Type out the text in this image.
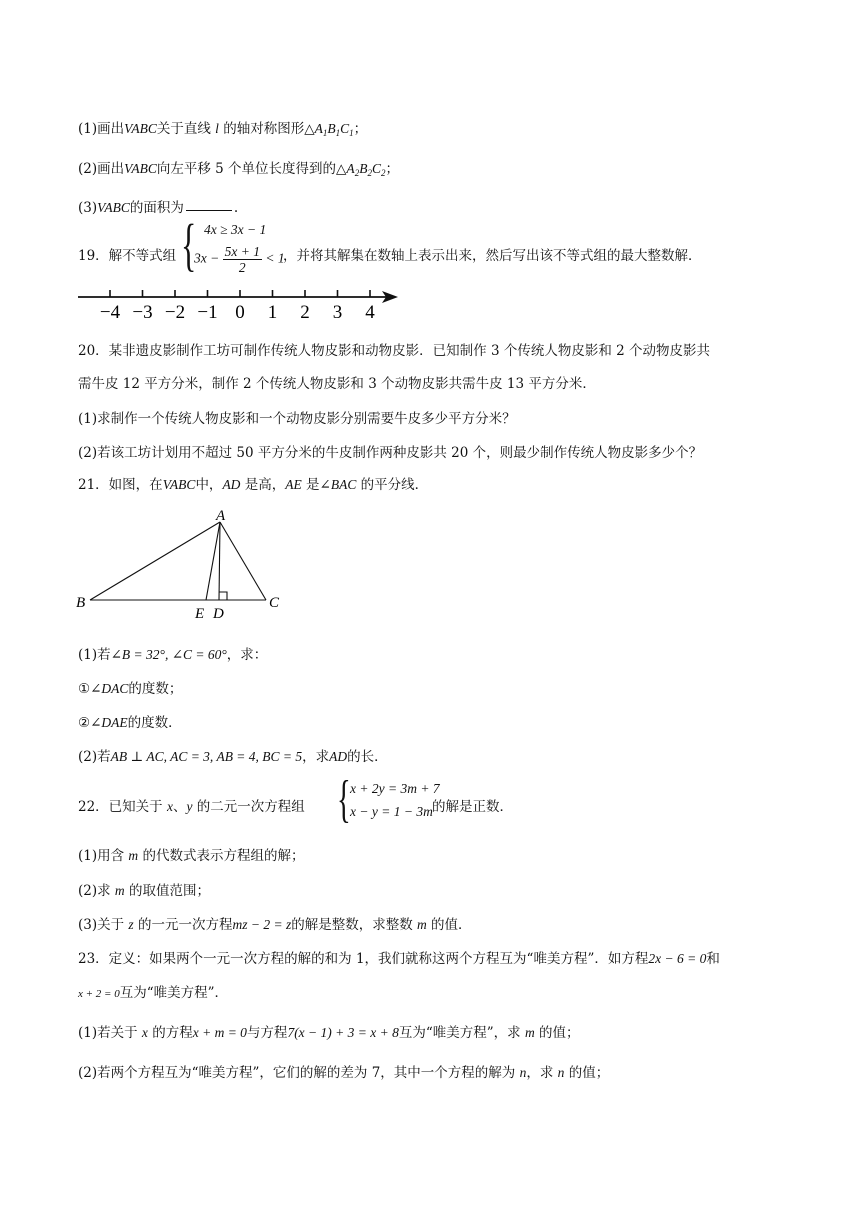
(1)画出VABC关于直线 l 的轴对称图形$\triangle A_1B_1C_1$；
(2)画出VABC向左平移 5 个单位长度得到的$\triangle A_2B_2C_2$；
(3)VABC的面积为	.
19．解不等式组 { 4x ≥ 3x − 1
$3x - \frac{5x + 1}{2} < 1$
，并将其解集在数轴上表示出来，然后写出该不等式组的最大整数解．
−4 −3 −2 −1 0 1 2 3 4
20．某非遗皮影制作工坊可制作传统人物皮影和动物皮影．已知制作 3 个传统人物皮影和 2 个动物皮影共
需牛皮 12 平方分米，制作 2 个传统人物皮影和 3 个动物皮影共需牛皮 13 平方分米．
(1)求制作一个传统人物皮影和一个动物皮影分别需要牛皮多少平方分米？
(2)若该工坊计划用不超过 50 平方分米的牛皮制作两种皮影共 20 个，则最少制作传统人物皮影多少个？
21．如图，在VABC中，AD 是高，AE 是∠BAC 的平分线．
A
B	C
E D
(1)若∠B = 32°, ∠C = 60°，求：
①∠DAC的度数；
②∠DAE的度数．
(2)若AB ⊥ AC, AC = 3, AB = 4, BC = 5，求AD的长．
22．已知关于 x、y 的二元一次方程组 { x + 2y = 3m + 7
x − y = 1 − 3m 的解是正数．
(1)用含 m 的代数式表示方程组的解；
(2)求 m 的取值范围；
(3)关于 z 的一元一次方程mz − 2 = z的解是整数，求整数 m 的值．
23．定义：如果两个一元一次方程的解的和为 1，我们就称这两个方程互为“唯美方程”．如方程2x − 6 = 0和
x + 2 = 0互为“唯美方程”．
(1)若关于 x 的方程x + m = 0与方程7(x − 1) + 3 = x + 8互为“唯美方程”，求 m 的值；
(2)若两个方程互为“唯美方程”，它们的解的差为 7，其中一个方程的解为 n，求 n 的值；
